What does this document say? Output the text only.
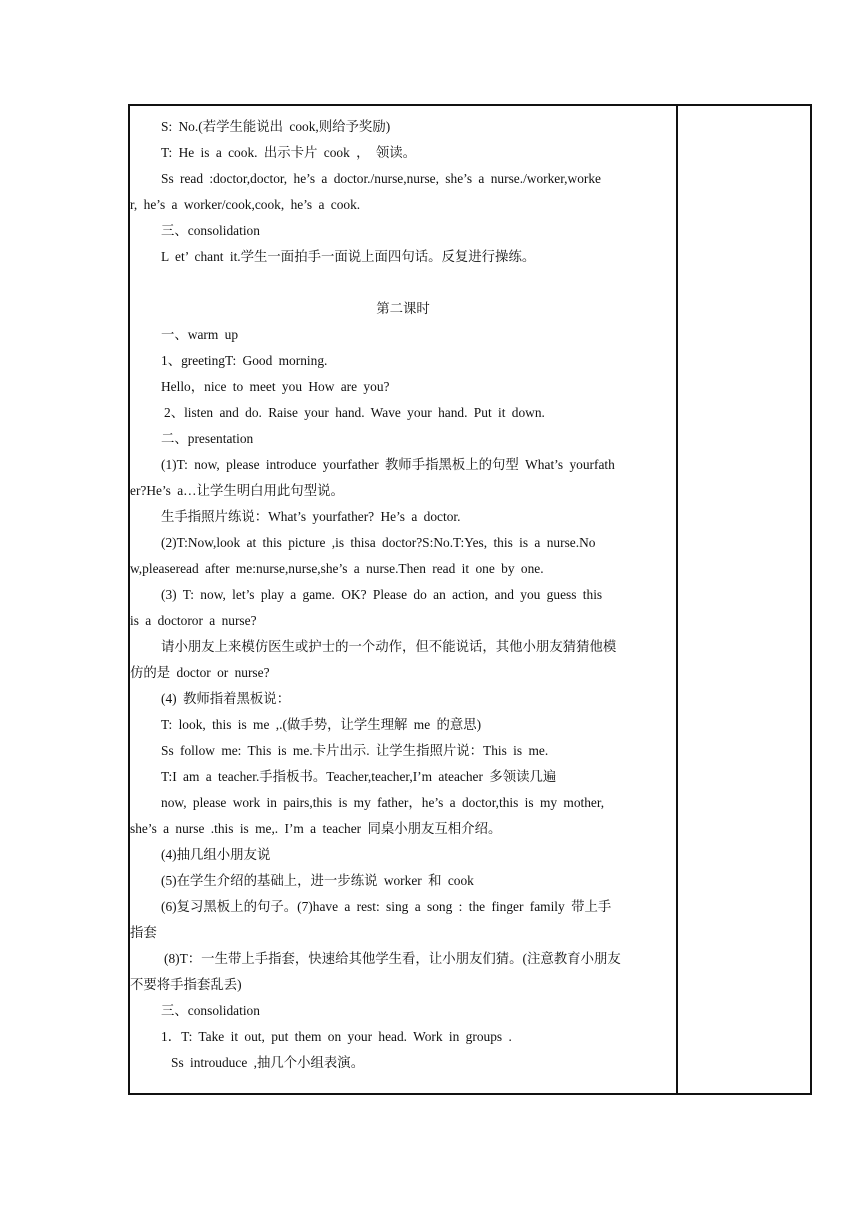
S: No.(若学生能说出 cook,则给予奖励)
T: He is a cook. 出示卡片 cook ， 领读。
Ss read :doctor,doctor, he’s a doctor./nurse,nurse, she’s a nurse./worker,worke
r, he’s a worker/cook,cook, he’s a cook.
三、consolidation
L et’ chant it.学生一面拍手一面说上面四句话。反复进行操练。
第二课时
一、warm up
1、greetingT: Good morning.
Hello，nice to meet you How are you?
2、listen and do. Raise your hand. Wave your hand. Put it down.
二、presentation
(1)T: now, please introduce yourfather 教师手指黑板上的句型 What’s yourfath
er?He’s a…让学生明白用此句型说。
生手指照片练说：What’s yourfather? He’s a doctor.
(2)T:Now,look at this picture ,is thisa doctor?S:No.T:Yes, this is a nurse.No
w,pleaseread after me:nurse,nurse,she’s a nurse.Then read it one by one.
(3) T: now, let’s play a game. OK? Please do an action, and you guess this
is a doctoror a nurse?
请小朋友上来模仿医生或护士的一个动作，但不能说话，其他小朋友猜猜他模
仿的是 doctor or nurse?
(4) 教师指着黑板说：
T: look, this is me ,.(做手势，让学生理解 me 的意思)
Ss follow me: This is me.卡片出示. 让学生指照片说：This is me.
T:I am a teacher.手指板书。Teacher,teacher,I’m ateacher 多领读几遍
now, please work in pairs,this is my father，he’s a doctor,this is my mother,
she’s a nurse .this is me,. I’m a teacher 同桌小朋友互相介绍。
(4)抽几组小朋友说
(5)在学生介绍的基础上，进一步练说 worker 和 cook
(6)复习黑板上的句子。(7)have a rest: sing a song : the finger family 带上手
指套
(8)T：一生带上手指套，快速给其他学生看，让小朋友们猜。(注意教育小朋友
不要将手指套乱丢)
三、consolidation
1．T: Take it out, put them on your head. Work in groups .
Ss introuduce ,抽几个小组表演。
